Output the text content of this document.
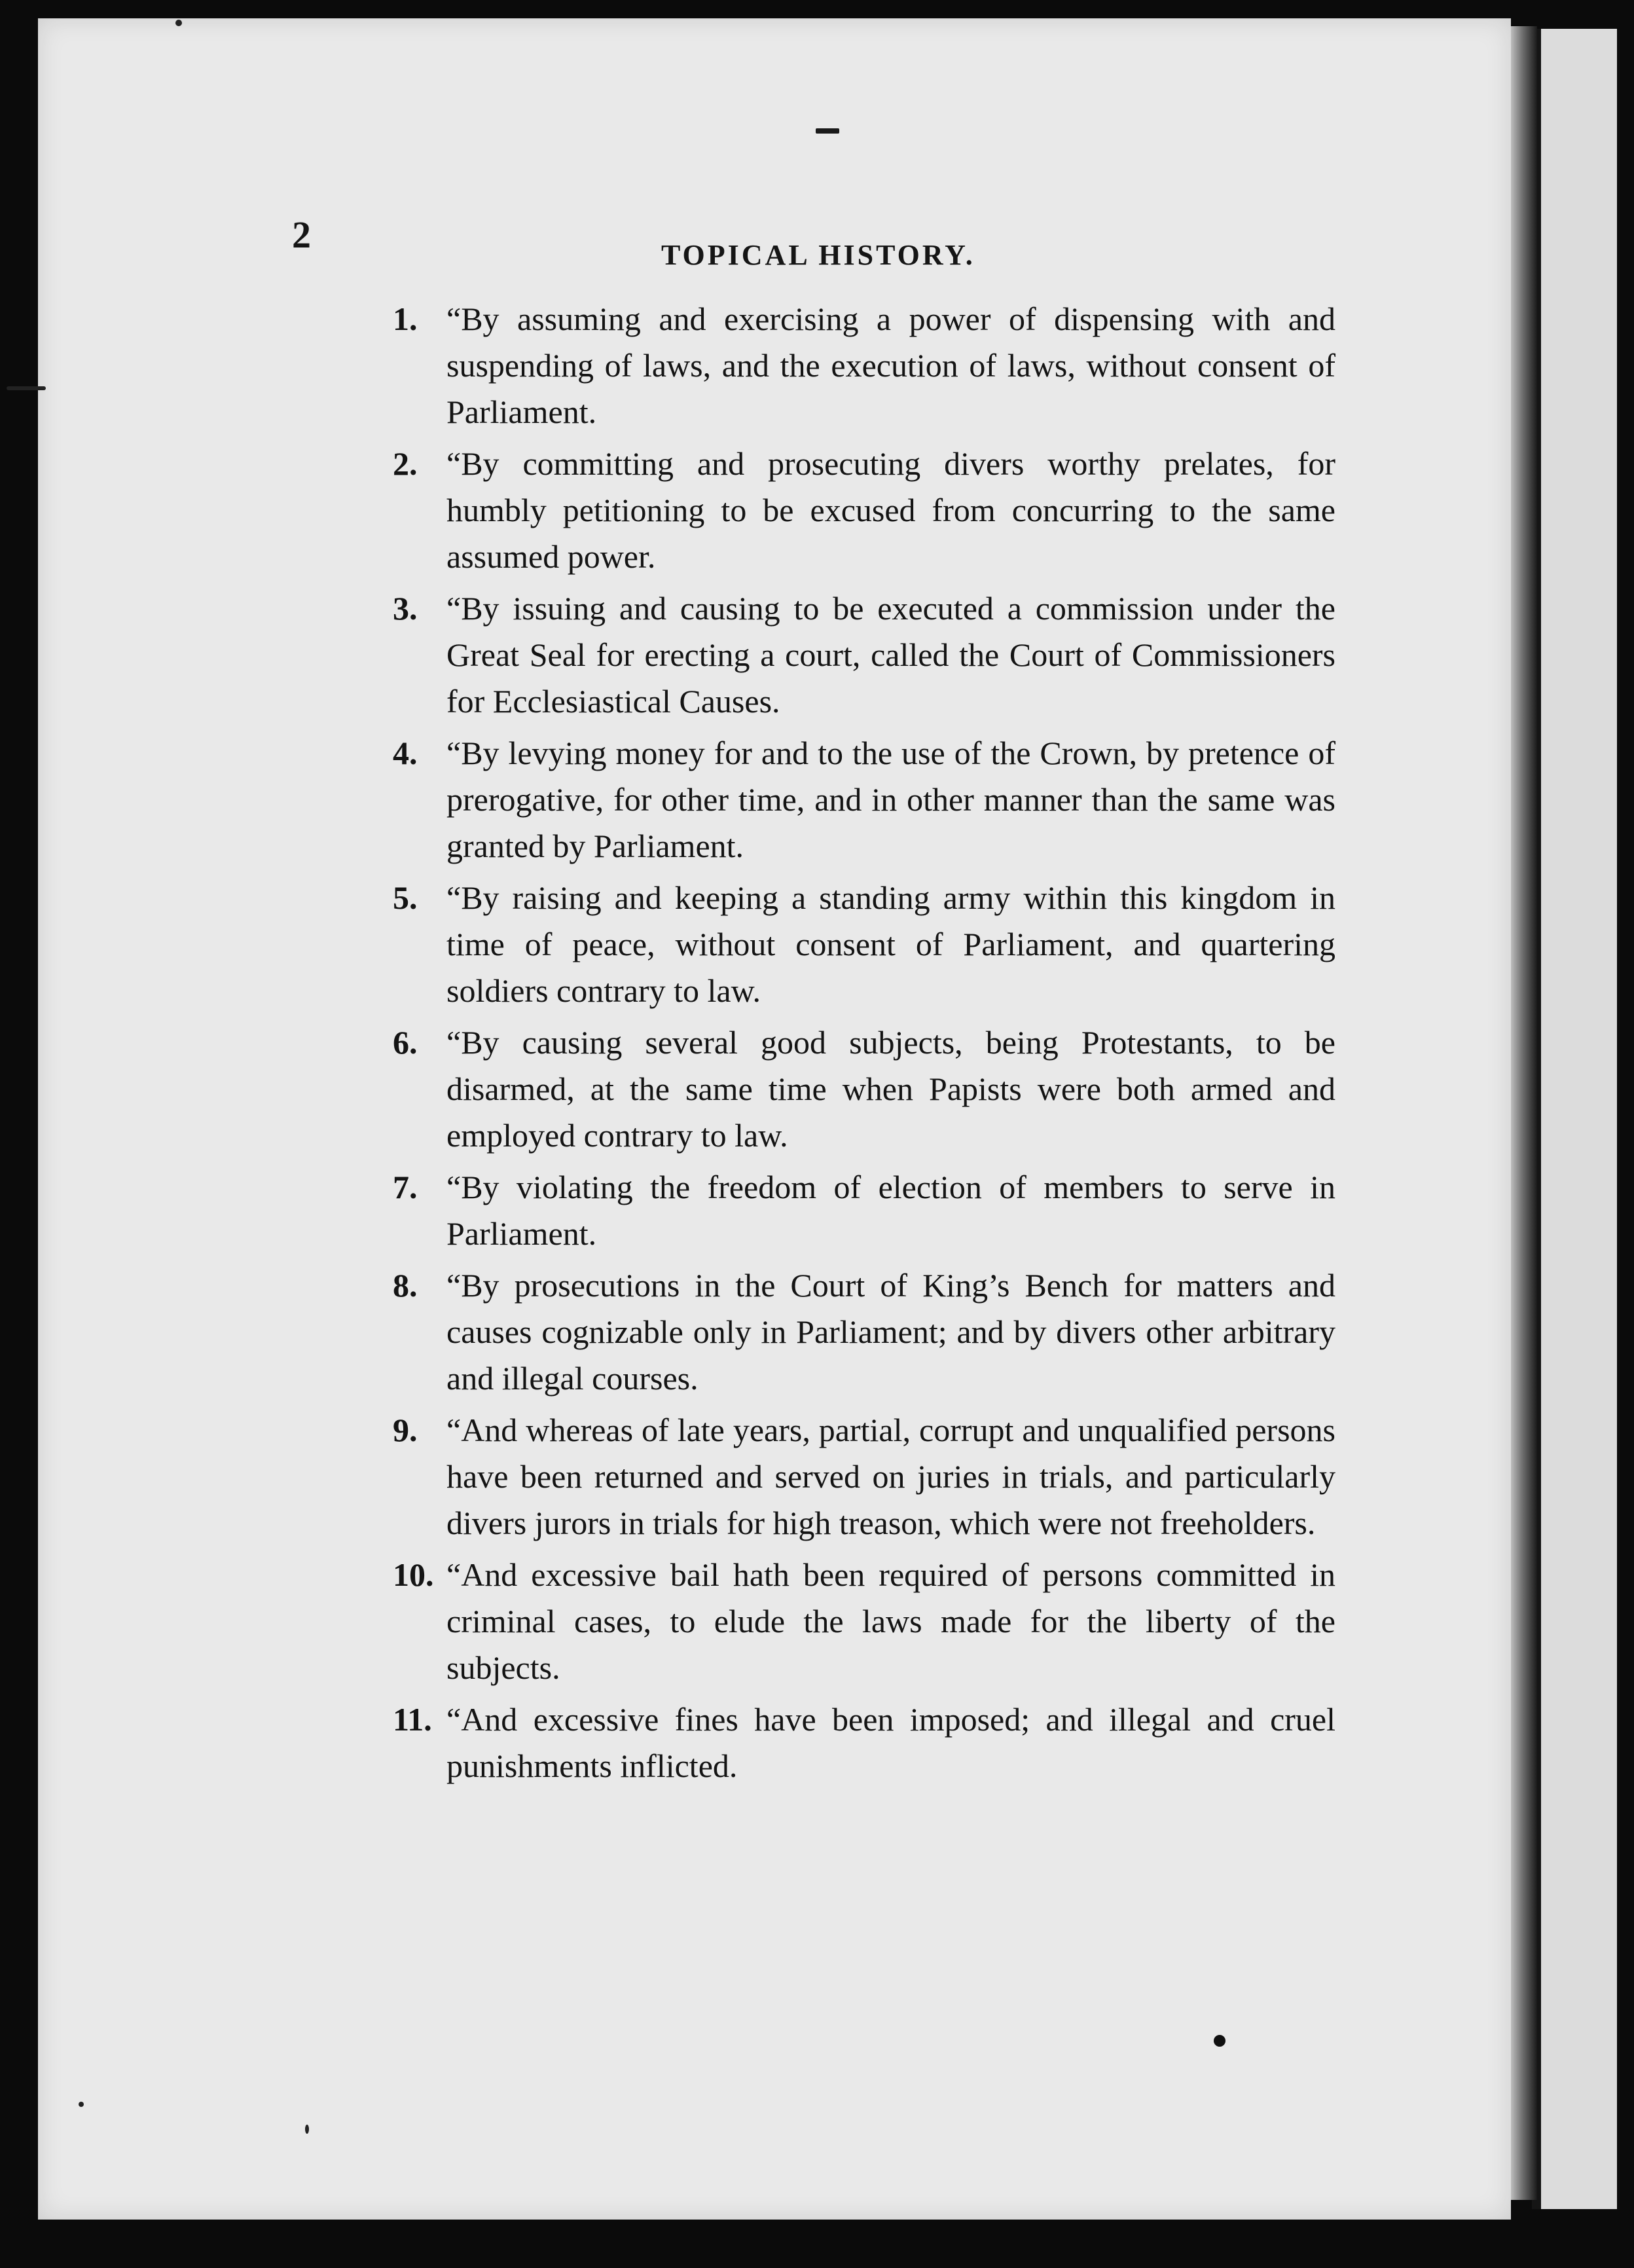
2	TOPICAL HISTORY.
1. “By assuming and exercising a power of dispensing with and suspending of laws, and the execution of laws, without consent of Parliament.
2. “By committing and prosecuting divers worthy prelates, for humbly petitioning to be excused from concurring to the same assumed power.
3. “By issuing and causing to be executed a commission under the Great Seal for erecting a court, called the Court of Commissioners for Ecclesiastical Causes.
4. “By levying money for and to the use of the Crown, by pretence of prerogative, for other time, and in other manner than the same was granted by Parliament.
5. “By raising and keeping a standing army within this kingdom in time of peace, without consent of Parliament, and quartering soldiers contrary to law.
6. “By causing several good subjects, being Protestants, to be disarmed, at the same time when Papists were both armed and employed contrary to law.
7. “By violating the freedom of election of members to serve in Parliament.
8. “By prosecutions in the Court of King’s Bench for matters and causes cognizable only in Parliament; and by divers other arbitrary and illegal courses.
9. “And whereas of late years, partial, corrupt and unqualified persons have been returned and served on juries in trials, and particularly divers jurors in trials for high treason, which were not freeholders.
10. “And excessive bail hath been required of persons committed in criminal cases, to elude the laws made for the liberty of the subjects.
11. “And excessive fines have been imposed; and illegal and cruel punishments inflicted.
